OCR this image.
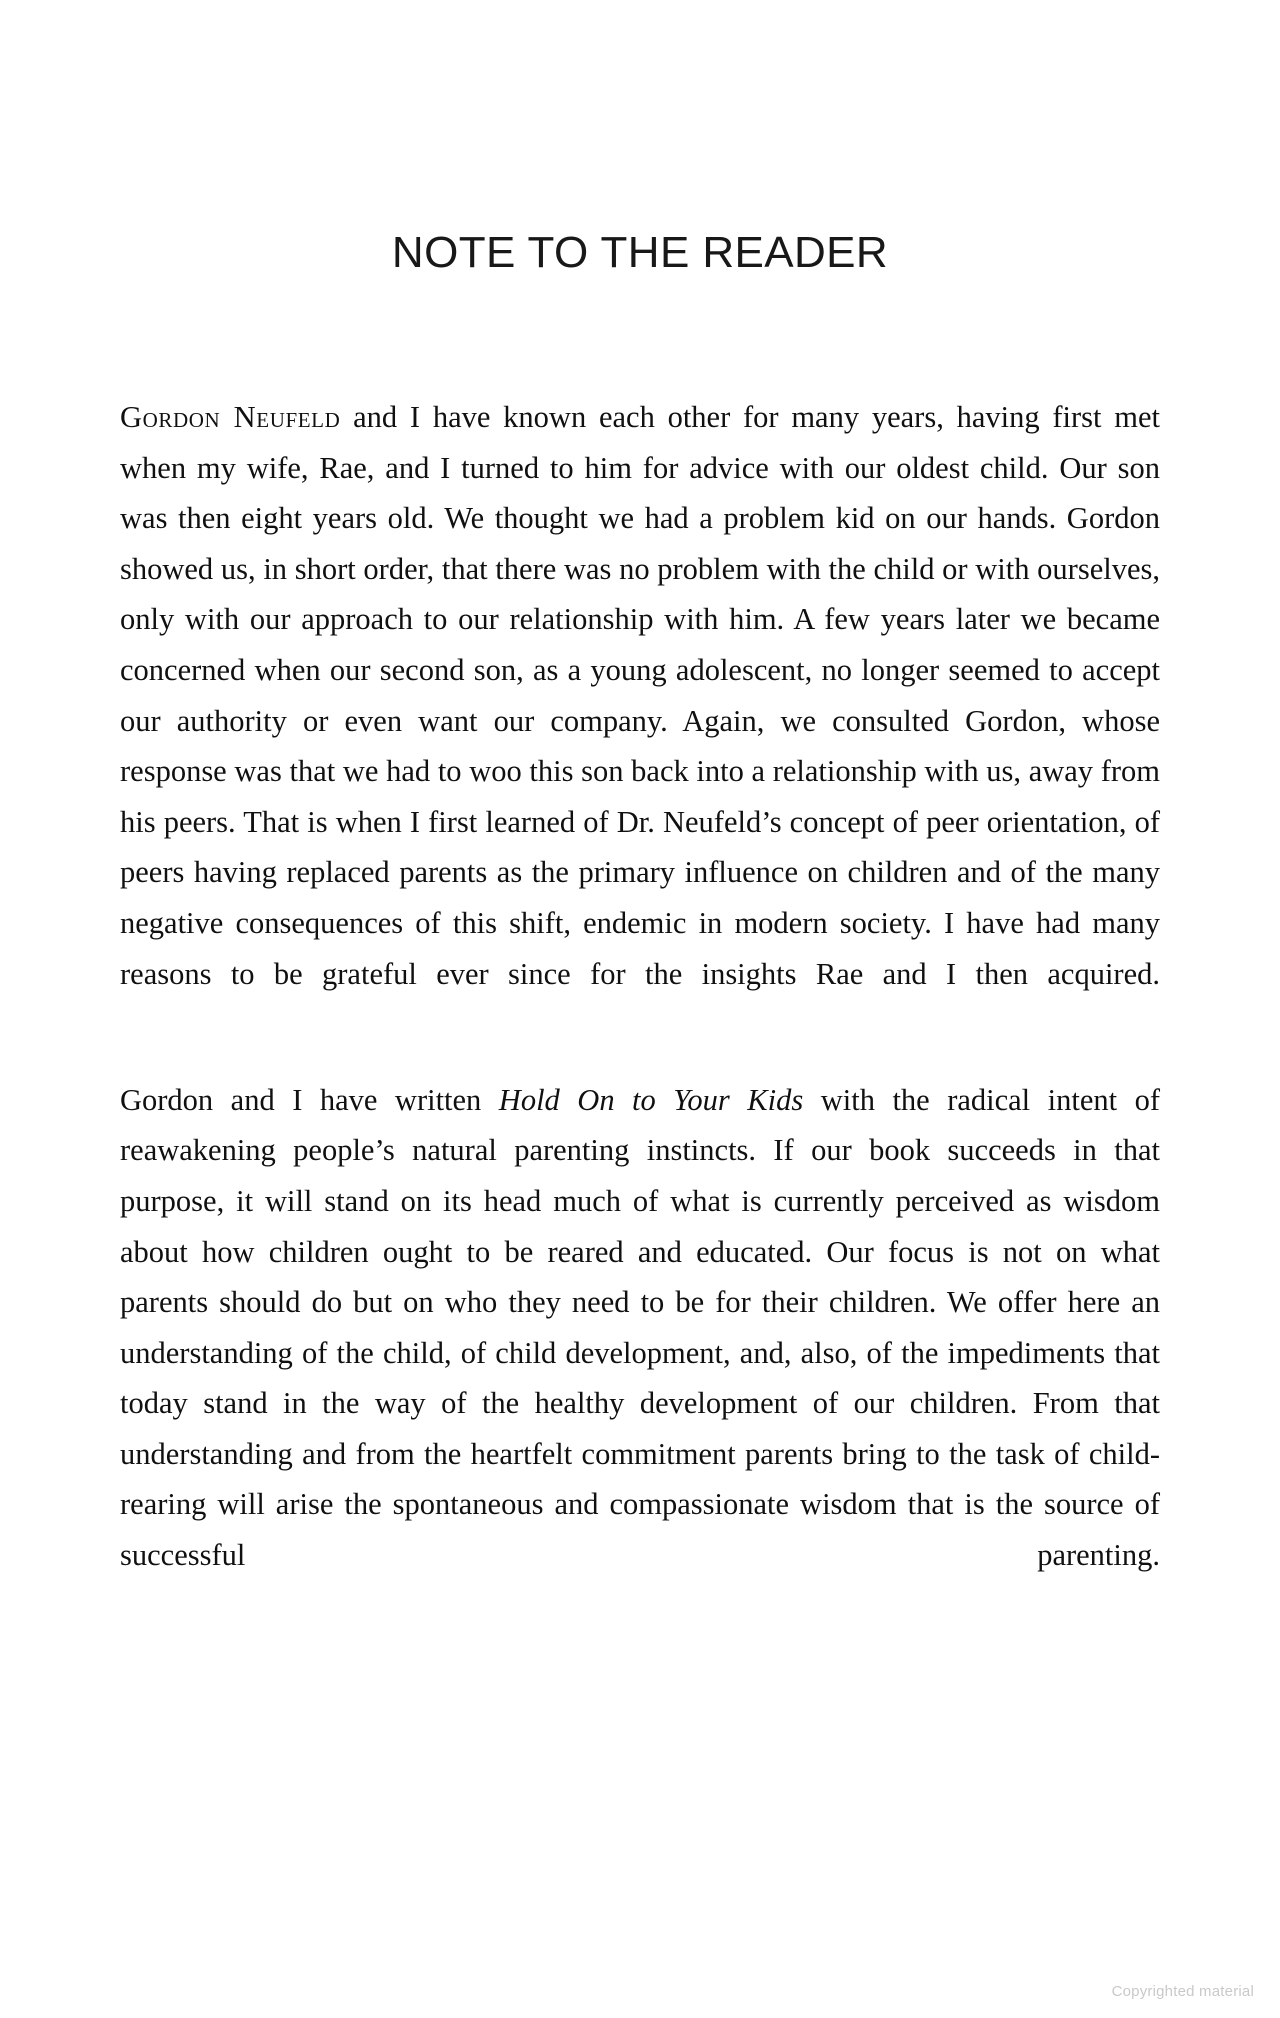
NOTE TO THE READER

Gordon Neufeld and I have known each other for many years, having first met when my wife, Rae, and I turned to him for advice with our oldest child. Our son was then eight years old. We thought we had a problem kid on our hands. Gordon showed us, in short order, that there was no problem with the child or with ourselves, only with our approach to our relationship with him. A few years later we became concerned when our second son, as a young adolescent, no longer seemed to accept our authority or even want our company. Again, we consulted Gordon, whose response was that we had to woo this son back into a relationship with us, away from his peers. That is when I first learned of Dr. Neufeld’s concept of peer orientation, of peers having replaced parents as the primary influence on children and of the many negative consequences of this shift, endemic in modern society. I have had many reasons to be grateful ever since for the insights Rae and I then acquired.

Gordon and I have written Hold On to Your Kids with the radical intent of reawakening people’s natural parenting instincts. If our book succeeds in that purpose, it will stand on its head much of what is currently perceived as wisdom about how children ought to be reared and educated. Our focus is not on what parents should do but on who they need to be for their children. We offer here an understanding of the child, of child development, and, also, of the impediments that today stand in the way of the healthy development of our children. From that understanding and from the heartfelt commitment parents bring to the task of child-rearing will arise the spontaneous and compassionate wisdom that is the source of successful parenting.

Copyrighted material
